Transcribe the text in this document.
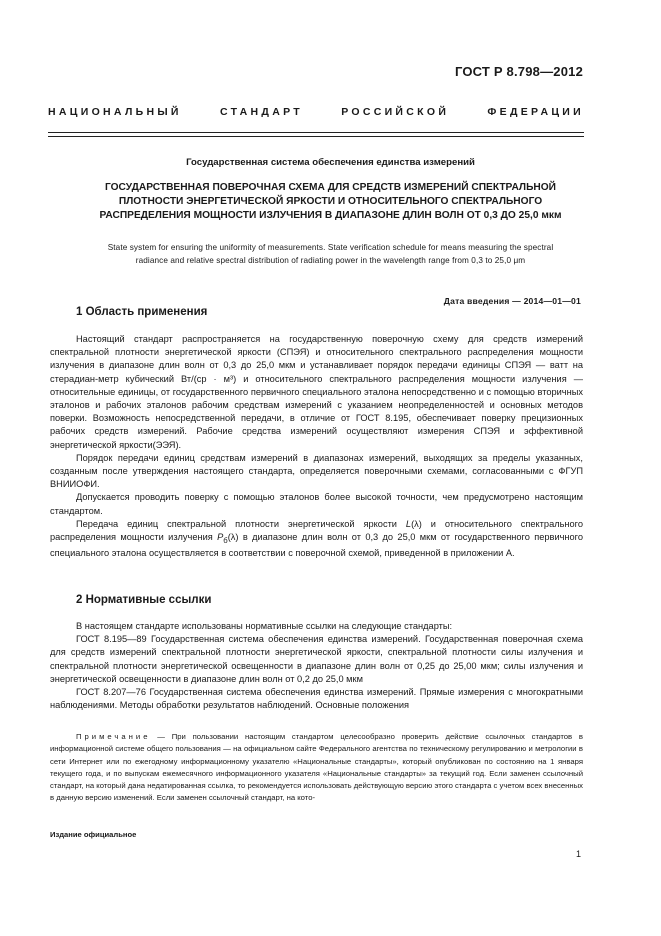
ГОСТ Р 8.798—2012
НАЦИОНАЛЬНЫЙ СТАНДАРТ РОССИЙСКОЙ ФЕДЕРАЦИИ
Государственная система обеспечения единства измерений
ГОСУДАРСТВЕННАЯ ПОВЕРОЧНАЯ СХЕМА ДЛЯ СРЕДСТВ ИЗМЕРЕНИЙ СПЕКТРАЛЬНОЙ
ПЛОТНОСТИ ЭНЕРГЕТИЧЕСКОЙ ЯРКОСТИ И ОТНОСИТЕЛЬНОГО СПЕКТРАЛЬНОГО
РАСПРЕДЕЛЕНИЯ МОЩНОСТИ ИЗЛУЧЕНИЯ В ДИАПАЗОНЕ ДЛИН ВОЛН ОТ 0,3 ДО 25,0 мкм
State system for ensuring the uniformity of measurements. State verification schedule for means measuring the spectral
radiance and relative spectral distribution of radiating power in the wavelength range from 0,3 to 25,0 μm
Дата введения — 2014—01—01
1 Область применения

Настоящий стандарт распространяется на государственную поверочную схему для средств измерений спектральной плотности энергетической яркости (СПЭЯ) и относительного спектрального распределения мощности излучения в диапазоне длин волн от 0,3 до 25,0 мкм и устанавливает порядок передачи единицы СПЭЯ — ватт на стерадиан-метр кубический Вт/(ср · м³) и относительного спектрального распределения мощности излучения — относительные единицы, от государственного первичного специального эталона непосредственно и с помощью вторичных эталонов и рабочих эталонов рабочим средствам измерений с указанием неопределенностей и основных методов поверки. Возможность непосредственной передачи, в отличие от ГОСТ 8.195, обеспечивает поверку прецизионных рабочих средств измерений. Рабочие средства измерений осуществляют измерения СПЭЯ и эффективной энергетической яркости(ЭЭЯ).

Порядок передачи единиц средствам измерений в диапазонах измерений, выходящих за пределы указанных, созданным после утверждения настоящего стандарта, определяется поверочными схемами, согласованными с ФГУП ВНИИОФИ.

Допускается проводить поверку с помощью эталонов более высокой точности, чем предусмотрено настоящим стандартом.

Передача единиц спектральной плотности энергетической яркости L(λ) и относительного спектрального распределения мощности излучения $P_б(\lambda)$ в диапазоне длин волн от 0,3 до 25,0 мкм от государственного первичного специального эталона осуществляется в соответствии с поверочной схемой, приведенной в приложении А.

2 Нормативные ссылки

В настоящем стандарте использованы нормативные ссылки на следующие стандарты:

ГОСТ 8.195—89 Государственная система обеспечения единства измерений. Государственная поверочная схема для средств измерений спектральной плотности энергетической яркости, спектральной плотности силы излучения и спектральной плотности энергетической освещенности в диапазоне длин волн от 0,25 до 25,00 мкм; силы излучения и энергетической освещенности в диапазоне длин волн от 0,2 до 25,0 мкм

ГОСТ 8.207—76 Государственная система обеспечения единства измерений. Прямые измерения с многократными наблюдениями. Методы обработки результатов наблюдений. Основные положения

Примечание — При пользовании настоящим стандартом целесообразно проверить действие ссылочных стандартов в информационной системе общего пользования — на официальном сайте Федерального агентства по техническому регулированию и метрологии в сети Интернет или по ежегодному информационному указателю «Национальные стандарты», который опубликован по состоянию на 1 января текущего года, и по выпускам ежемесячного информационного указателя «Национальные стандарты» за текущий год. Если заменен ссылочный стандарт, на который дана недатированная ссылка, то рекомендуется использовать действующую версию этого стандарта с учетом всех внесенных в данную версию изменений. Если заменен ссылочный стандарт, на кото-
Издание официальное
1
